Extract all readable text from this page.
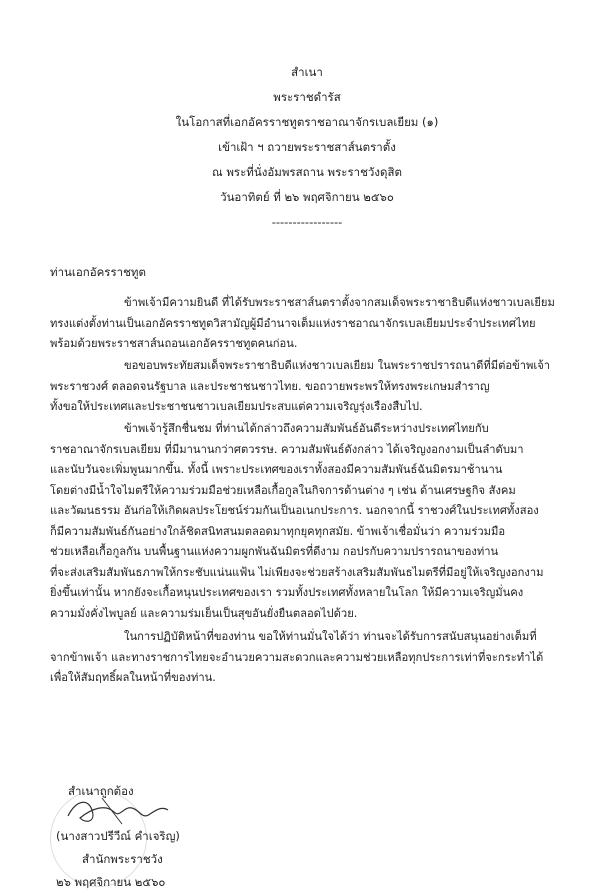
สำเนา
พระราชดำรัส
ในโอกาสที่เอกอัครราชทูตราชอาณาจักรเบลเยียม (๑)
เข้าเฝ้า ฯ ถวายพระราชสาส์นตราตั้ง
ณ พระที่นั่งอัมพรสถาน พระราชวังดุสิต
วันอาทิตย์ ที่ ๒๖ พฤศจิกายน ๒๕๖๐
-----------------
ท่านเอกอัครราชทูต
ข้าพเจ้ามีความยินดี ที่ได้รับพระราชสาส์นตราตั้งจากสมเด็จพระราชาธิบดีแห่งชาวเบลเยียม
ทรงแต่งตั้งท่านเป็นเอกอัครราชทูตวิสามัญผู้มีอำนาจเต็มแห่งราชอาณาจักรเบลเยียมประจำประเทศไทย
พร้อมด้วยพระราชสาส์นถอนเอกอัครราชทูตคนก่อน.
ขอขอบพระทัยสมเด็จพระราชาธิบดีแห่งชาวเบลเยียม ในพระราชปรารถนาดีที่มีต่อข้าพเจ้า
พระราชวงศ์ ตลอดจนรัฐบาล และประชาชนชาวไทย. ขอถวายพระพรให้ทรงพระเกษมสำราญ
ทั้งขอให้ประเทศและประชาชนชาวเบลเยียมประสบแต่ความเจริญรุ่งเรืองสืบไป.
ข้าพเจ้ารู้สึกชื่นชม ที่ท่านได้กล่าวถึงความสัมพันธ์อันดีระหว่างประเทศไทยกับ
ราชอาณาจักรเบลเยียม ที่มีมานานกว่าศตวรรษ. ความสัมพันธ์ดังกล่าว ได้เจริญงอกงามเป็นลำดับมา
และนับวันจะเพิ่มพูนมากขึ้น. ทั้งนี้ เพราะประเทศของเราทั้งสองมีความสัมพันธ์ฉันมิตรมาช้านาน
โดยต่างมีน้ำใจไมตรีให้ความร่วมมือช่วยเหลือเกื้อกูลในกิจการด้านต่าง ๆ เช่น ด้านเศรษฐกิจ สังคม
และวัฒนธรรม อันก่อให้เกิดผลประโยชน์ร่วมกันเป็นอเนกประการ. นอกจากนี้ ราชวงศ์ในประเทศทั้งสอง
ก็มีความสัมพันธ์กันอย่างใกล้ชิดสนิทสนมตลอดมาทุกยุคทุกสมัย. ข้าพเจ้าเชื่อมั่นว่า ความร่วมมือ
ช่วยเหลือเกื้อกูลกัน บนพื้นฐานแห่งความผูกพันฉันมิตรที่ดีงาม กอปรกับความปรารถนาของท่าน
ที่จะส่งเสริมสัมพันธภาพให้กระชับแน่นแฟ้น ไม่เพียงจะช่วยสร้างเสริมสัมพันธไมตรีที่มีอยู่ให้เจริญงอกงาม
ยิ่งขึ้นเท่านั้น หากยังจะเกื้อหนุนประเทศของเรา รวมทั้งประเทศทั้งหลายในโลก ให้มีความเจริญมั่นคง
ความมั่งคั่งไพบูลย์ และความร่มเย็นเป็นสุขอันยั่งยืนตลอดไปด้วย.
ในการปฏิบัติหน้าที่ของท่าน ขอให้ท่านมั่นใจได้ว่า ท่านจะได้รับการสนับสนุนอย่างเต็มที่
จากข้าพเจ้า และทางราชการไทยจะอำนวยความสะดวกและความช่วยเหลือทุกประการเท่าที่จะกระทำได้
เพื่อให้สัมฤทธิ์ผลในหน้าที่ของท่าน.
สำเนาถูกต้อง
(นางสาวปรีวีณ์ คำเจริญ)
สำนักพระราชวัง
๒๖ พฤศจิกายน ๒๕๖๐
